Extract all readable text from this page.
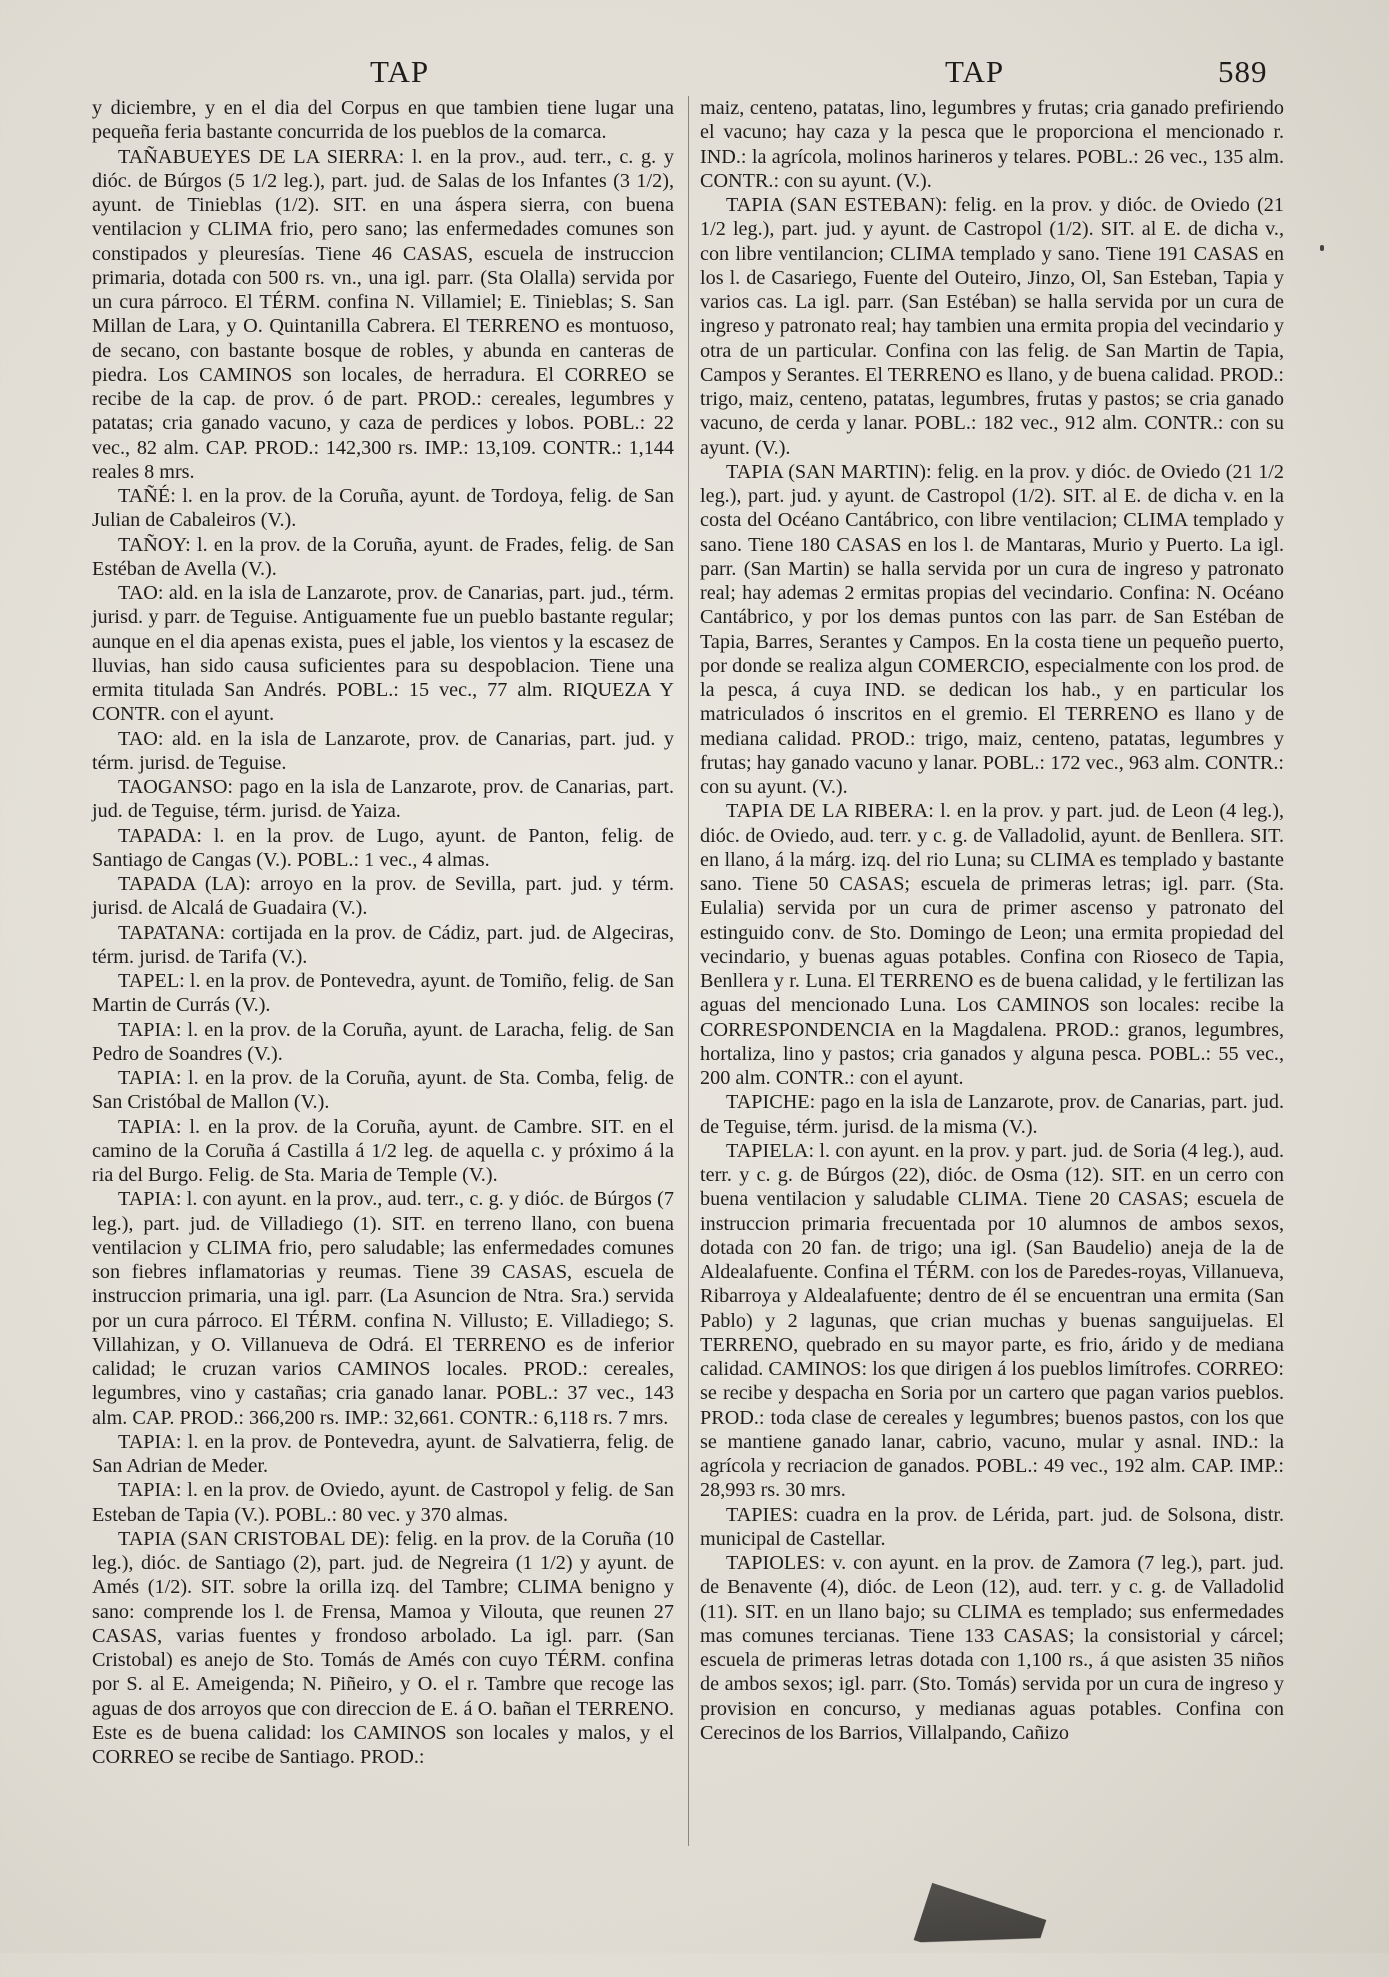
TAP	TAP	589

y diciembre, y en el dia del Corpus en que tambien tiene lugar una pequeña feria bastante concurrida de los pueblos de la comarca.

TAÑABUEYES DE LA SIERRA: l. en la prov., aud. terr., c. g. y dióc. de Búrgos (5 1/2 leg.), part. jud. de Salas de los Infantes (3 1/2), ayunt. de Tinieblas (1/2). SIT. en una áspera sierra, con buena ventilacion y CLIMA frio, pero sano; las enfermedades comunes son constipados y pleuresías. Tiene 46 CASAS, escuela de instruccion primaria, dotada con 500 rs. vn., una igl. parr. (Sta Olalla) servida por un cura párroco. El TÉRM. confina N. Villamiel; E. Tinieblas; S. San Millan de Lara, y O. Quintanilla Cabrera. El TERRENO es montuoso, de secano, con bastante bosque de robles, y abunda en canteras de piedra. Los CAMINOS son locales, de herradura. El CORREO se recibe de la cap. de prov. ó de part. PROD.: cereales, legumbres y patatas; cria ganado vacuno, y caza de perdices y lobos. POBL.: 22 vec., 82 alm. CAP. PROD.: 142,300 rs. IMP.: 13,109. CONTR.: 1,144 reales 8 mrs.

TAÑÉ: l. en la prov. de la Coruña, ayunt. de Tordoya, felig. de San Julian de Cabaleiros (V.).

TAÑOY: l. en la prov. de la Coruña, ayunt. de Frades, felig. de San Estéban de Avella (V.).

TAO: ald. en la isla de Lanzarote, prov. de Canarias, part. jud., térm. jurisd. y parr. de Teguise. Antiguamente fue un pueblo bastante regular; aunque en el dia apenas exista, pues el jable, los vientos y la escasez de lluvias, han sido causa suficientes para su despoblacion. Tiene una ermita titulada San Andrés. POBL.: 15 vec., 77 alm. RIQUEZA Y CONTR. con el ayunt.

TAO: ald. en la isla de Lanzarote, prov. de Canarias, part. jud. y térm. jurisd. de Teguise.

TAOGANSO: pago en la isla de Lanzarote, prov. de Canarias, part. jud. de Teguise, térm. jurisd. de Yaiza.

TAPADA: l. en la prov. de Lugo, ayunt. de Panton, felig. de Santiago de Cangas (V.). POBL.: 1 vec., 4 almas.

TAPADA (LA): arroyo en la prov. de Sevilla, part. jud. y térm. jurisd. de Alcalá de Guadaira (V.).

TAPATANA: cortijada en la prov. de Cádiz, part. jud. de Algeciras, térm. jurisd. de Tarifa (V.).

TAPEL: l. en la prov. de Pontevedra, ayunt. de Tomiño, felig. de San Martin de Currás (V.).

TAPIA: l. en la prov. de la Coruña, ayunt. de Laracha, felig. de San Pedro de Soandres (V.).

TAPIA: l. en la prov. de la Coruña, ayunt. de Sta. Comba, felig. de San Cristóbal de Mallon (V.).

TAPIA: l. en la prov. de la Coruña, ayunt. de Cambre. SIT. en el camino de la Coruña á Castilla á 1/2 leg. de aquella c. y próximo á la ria del Burgo. Felig. de Sta. Maria de Temple (V.).

TAPIA: l. con ayunt. en la prov., aud. terr., c. g. y dióc. de Búrgos (7 leg.), part. jud. de Villadiego (1). SIT. en terreno llano, con buena ventilacion y CLIMA frio, pero saludable; las enfermedades comunes son fiebres inflamatorias y reumas. Tiene 39 CASAS, escuela de instruccion primaria, una igl. parr. (La Asuncion de Ntra. Sra.) servida por un cura párroco. El TÉRM. confina N. Villusto; E. Villadiego; S. Villahizan, y O. Villanueva de Odrá. El TERRENO es de inferior calidad; le cruzan varios CAMINOS locales. PROD.: cereales, legumbres, vino y castañas; cria ganado lanar. POBL.: 37 vec., 143 alm. CAP. PROD.: 366,200 rs. IMP.: 32,661. CONTR.: 6,118 rs. 7 mrs.

TAPIA: l. en la prov. de Pontevedra, ayunt. de Salvatierra, felig. de San Adrian de Meder.

TAPIA: l. en la prov. de Oviedo, ayunt. de Castropol y felig. de San Esteban de Tapia (V.). POBL.: 80 vec. y 370 almas.

TAPIA (SAN CRISTOBAL DE): felig. en la prov. de la Coruña (10 leg.), dióc. de Santiago (2), part. jud. de Negreira (1 1/2) y ayunt. de Amés (1/2). SIT. sobre la orilla izq. del Tambre; CLIMA benigno y sano: comprende los l. de Frensa, Mamoa y Vilouta, que reunen 27 CASAS, varias fuentes y frondoso arbolado. La igl. parr. (San Cristobal) es anejo de Sto. Tomás de Amés con cuyo TÉRM. confina por S. al E. Ameigenda; N. Piñeiro, y O. el r. Tambre que recoge las aguas de dos arroyos que con direccion de E. á O. bañan el TERRENO. Este es de buena calidad: los CAMINOS son locales y malos, y el CORREO se recibe de Santiago. PROD.:

maiz, centeno, patatas, lino, legumbres y frutas; cria ganado prefiriendo el vacuno; hay caza y la pesca que le proporciona el mencionado r. IND.: la agrícola, molinos harineros y telares. POBL.: 26 vec., 135 alm. CONTR.: con su ayunt. (V.).

TAPIA (SAN ESTEBAN): felig. en la prov. y dióc. de Oviedo (21 1/2 leg.), part. jud. y ayunt. de Castropol (1/2). SIT. al E. de dicha v., con libre ventilancion; CLIMA templado y sano. Tiene 191 CASAS en los l. de Casariego, Fuente del Outeiro, Jinzo, Ol, San Esteban, Tapia y varios cas. La igl. parr. (San Estéban) se halla servida por un cura de ingreso y patronato real; hay tambien una ermita propia del vecindario y otra de un particular. Confina con las felig. de San Martin de Tapia, Campos y Serantes. El TERRENO es llano, y de buena calidad. PROD.: trigo, maiz, centeno, patatas, legumbres, frutas y pastos; se cria ganado vacuno, de cerda y lanar. POBL.: 182 vec., 912 alm. CONTR.: con su ayunt. (V.).

TAPIA (SAN MARTIN): felig. en la prov. y dióc. de Oviedo (21 1/2 leg.), part. jud. y ayunt. de Castropol (1/2). SIT. al E. de dicha v. en la costa del Océano Cantábrico, con libre ventilacion; CLIMA templado y sano. Tiene 180 CASAS en los l. de Mantaras, Murio y Puerto. La igl. parr. (San Martin) se halla servida por un cura de ingreso y patronato real; hay ademas 2 ermitas propias del vecindario. Confina: N. Océano Cantábrico, y por los demas puntos con las parr. de San Estéban de Tapia, Barres, Serantes y Campos. En la costa tiene un pequeño puerto, por donde se realiza algun COMERCIO, especialmente con los prod. de la pesca, á cuya IND. se dedican los hab., y en particular los matriculados ó inscritos en el gremio. El TERRENO es llano y de mediana calidad. PROD.: trigo, maiz, centeno, patatas, legumbres y frutas; hay ganado vacuno y lanar. POBL.: 172 vec., 963 alm. CONTR.: con su ayunt. (V.).

TAPIA DE LA RIBERA: l. en la prov. y part. jud. de Leon (4 leg.), dióc. de Oviedo, aud. terr. y c. g. de Valladolid, ayunt. de Benllera. SIT. en llano, á la márg. izq. del rio Luna; su CLIMA es templado y bastante sano. Tiene 50 CASAS; escuela de primeras letras; igl. parr. (Sta. Eulalia) servida por un cura de primer ascenso y patronato del estinguido conv. de Sto. Domingo de Leon; una ermita propiedad del vecindario, y buenas aguas potables. Confina con Rioseco de Tapia, Benllera y r. Luna. El TERRENO es de buena calidad, y le fertilizan las aguas del mencionado Luna. Los CAMINOS son locales: recibe la CORRESPONDENCIA en la Magdalena. PROD.: granos, legumbres, hortaliza, lino y pastos; cria ganados y alguna pesca. POBL.: 55 vec., 200 alm. CONTR.: con el ayunt.

TAPICHE: pago en la isla de Lanzarote, prov. de Canarias, part. jud. de Teguise, térm. jurisd. de la misma (V.).

TAPIELA: l. con ayunt. en la prov. y part. jud. de Soria (4 leg.), aud. terr. y c. g. de Búrgos (22), dióc. de Osma (12). SIT. en un cerro con buena ventilacion y saludable CLIMA. Tiene 20 CASAS; escuela de instruccion primaria frecuentada por 10 alumnos de ambos sexos, dotada con 20 fan. de trigo; una igl. (San Baudelio) aneja de la de Aldealafuente. Confina el TÉRM. con los de Paredes-royas, Villanueva, Ribarroya y Aldealafuente; dentro de él se encuentran una ermita (San Pablo) y 2 lagunas, que crian muchas y buenas sanguijuelas. El TERRENO, quebrado en su mayor parte, es frio, árido y de mediana calidad. CAMINOS: los que dirigen á los pueblos limítrofes. CORREO: se recibe y despacha en Soria por un cartero que pagan varios pueblos. PROD.: toda clase de cereales y legumbres; buenos pastos, con los que se mantiene ganado lanar, cabrio, vacuno, mular y asnal. IND.: la agrícola y recriacion de ganados. POBL.: 49 vec., 192 alm. CAP. IMP.: 28,993 rs. 30 mrs.

TAPIES: cuadra en la prov. de Lérida, part. jud. de Solsona, distr. municipal de Castellar.

TAPIOLES: v. con ayunt. en la prov. de Zamora (7 leg.), part. jud. de Benavente (4), dióc. de Leon (12), aud. terr. y c. g. de Valladolid (11). SIT. en un llano bajo; su CLIMA es templado; sus enfermedades mas comunes tercianas. Tiene 133 CASAS; la consistorial y cárcel; escuela de primeras letras dotada con 1,100 rs., á que asisten 35 niños de ambos sexos; igl. parr. (Sto. Tomás) servida por un cura de ingreso y provision en concurso, y medianas aguas potables. Confina con Cerecinos de los Barrios, Villalpando, Cañizo
